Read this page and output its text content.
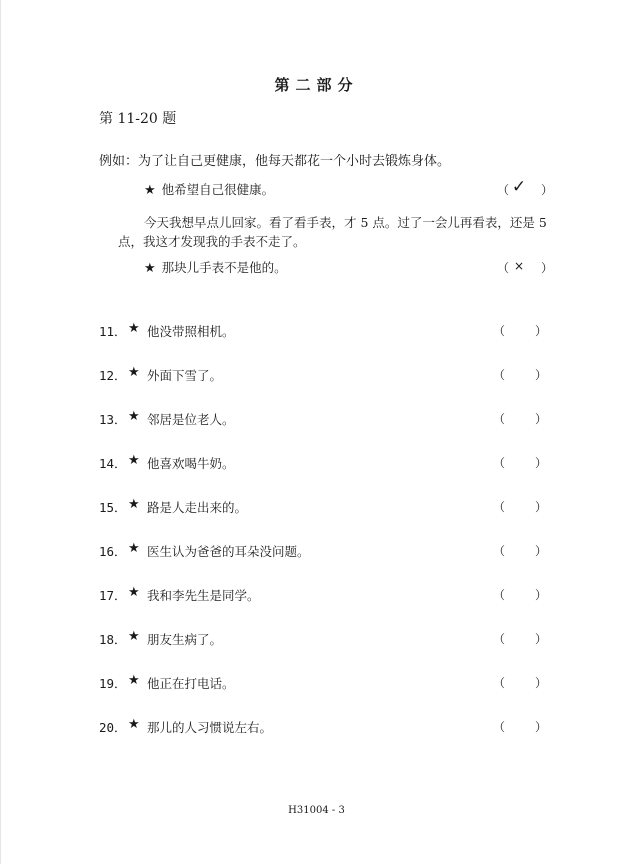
第二部分
第 11-20 题
例如：为了让自己更健康，他每天都花一个小时去锻炼身体。
★ 他希望自己很健康。	（ ✓ ）
今天我想早点儿回家。看了看手表，才 5 点。过了一会儿再看表，还是 5 点，我这才发现我的手表不走了。
★ 那块儿手表不是他的。	（ ×	）
11． ★ 他没带照相机。	（ ）
12． ★ 外面下雪了。	（ ）
13． ★ 邻居是位老人。	（ ）
14． ★ 他喜欢喝牛奶。	（ ）
15． ★ 路是人走出来的。	（ ）
16． ★ 医生认为爸爸的耳朵没问题。	（ ）
17． ★ 我和李先生是同学。	（ ）
18． ★ 朋友生病了。	（ ）
19． ★ 他正在打电话。	（ ）
20． ★ 那儿的人习惯说左右。	（ ）
H31004 - 3
